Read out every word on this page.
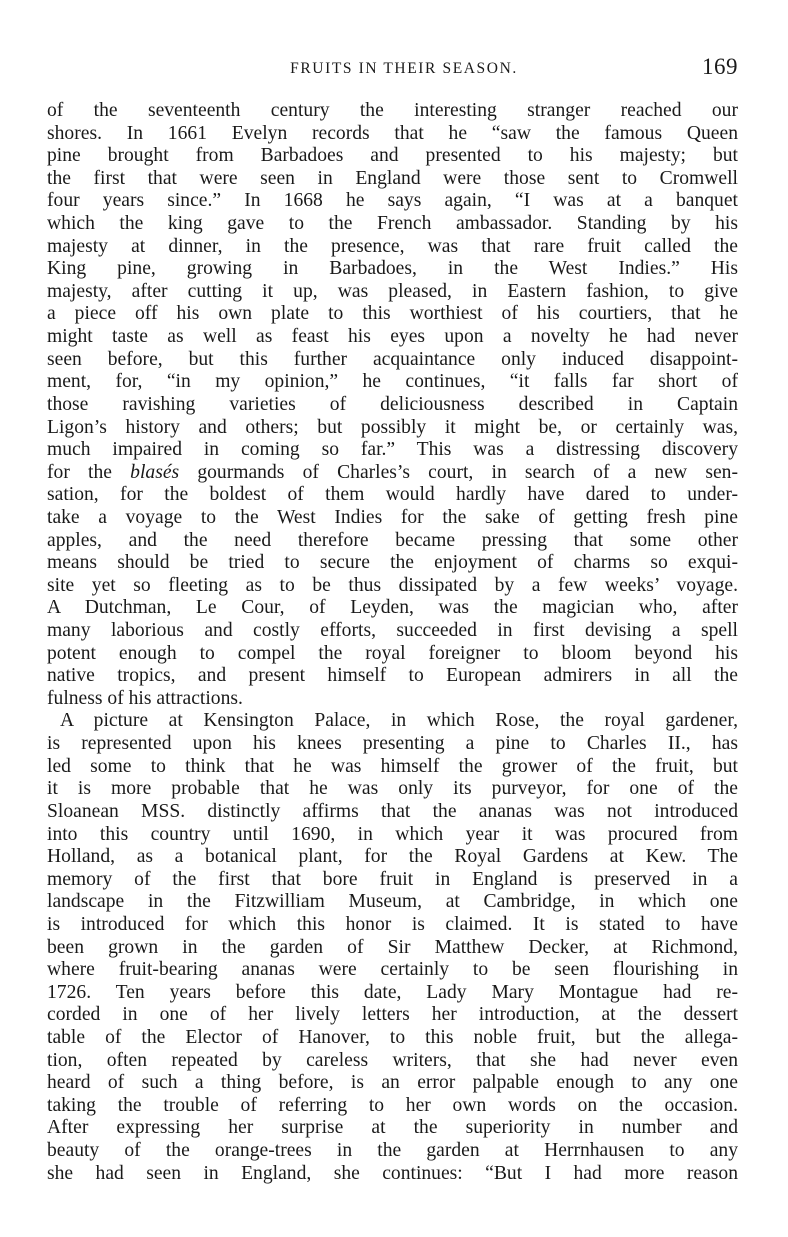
FRUITS IN THEIR SEASON.	169
of the seventeenth century the interesting stranger reached our
shores. In 1661 Evelyn records that he “saw the famous Queen
pine brought from Barbadoes and presented to his majesty; but
the first that were seen in England were those sent to Cromwell
four years since.” In 1668 he says again, “I was at a banquet
which the king gave to the French ambassador. Standing by his
majesty at dinner, in the presence, was that rare fruit called the
King pine, growing in Barbadoes, in the West Indies.” His
majesty, after cutting it up, was pleased, in Eastern fashion, to give
a piece off his own plate to this worthiest of his courtiers, that he
might taste as well as feast his eyes upon a novelty he had never
seen before, but this further acquaintance only induced disappoint-
ment, for, “in my opinion,” he continues, “it falls far short of
those ravishing varieties of deliciousness described in Captain
Ligon’s history and others; but possibly it might be, or certainly was,
much impaired in coming so far.” This was a distressing discovery
for the blasés gourmands of Charles’s court, in search of a new sen-
sation, for the boldest of them would hardly have dared to under-
take a voyage to the West Indies for the sake of getting fresh pine
apples, and the need therefore became pressing that some other
means should be tried to secure the enjoyment of charms so exqui-
site yet so fleeting as to be thus dissipated by a few weeks’ voyage.
A Dutchman, Le Cour, of Leyden, was the magician who, after
many laborious and costly efforts, succeeded in first devising a spell
potent enough to compel the royal foreigner to bloom beyond his
native tropics, and present himself to European admirers in all the
fulness of his attractions.
A picture at Kensington Palace, in which Rose, the royal gardener,
is represented upon his knees presenting a pine to Charles II., has
led some to think that he was himself the grower of the fruit, but
it is more probable that he was only its purveyor, for one of the
Sloanean MSS. distinctly affirms that the ananas was not introduced
into this country until 1690, in which year it was procured from
Holland, as a botanical plant, for the Royal Gardens at Kew. The
memory of the first that bore fruit in England is preserved in a
landscape in the Fitzwilliam Museum, at Cambridge, in which one
is introduced for which this honor is claimed. It is stated to have
been grown in the garden of Sir Matthew Decker, at Richmond,
where fruit-bearing ananas were certainly to be seen flourishing in
1726. Ten years before this date, Lady Mary Montague had re-
corded in one of her lively letters her introduction, at the dessert
table of the Elector of Hanover, to this noble fruit, but the allega-
tion, often repeated by careless writers, that she had never even
heard of such a thing before, is an error palpable enough to any one
taking the trouble of referring to her own words on the occasion.
After expressing her surprise at the superiority in number and
beauty of the orange-trees in the garden at Herrnhausen to any
she had seen in England, she continues: “But I had more reason
